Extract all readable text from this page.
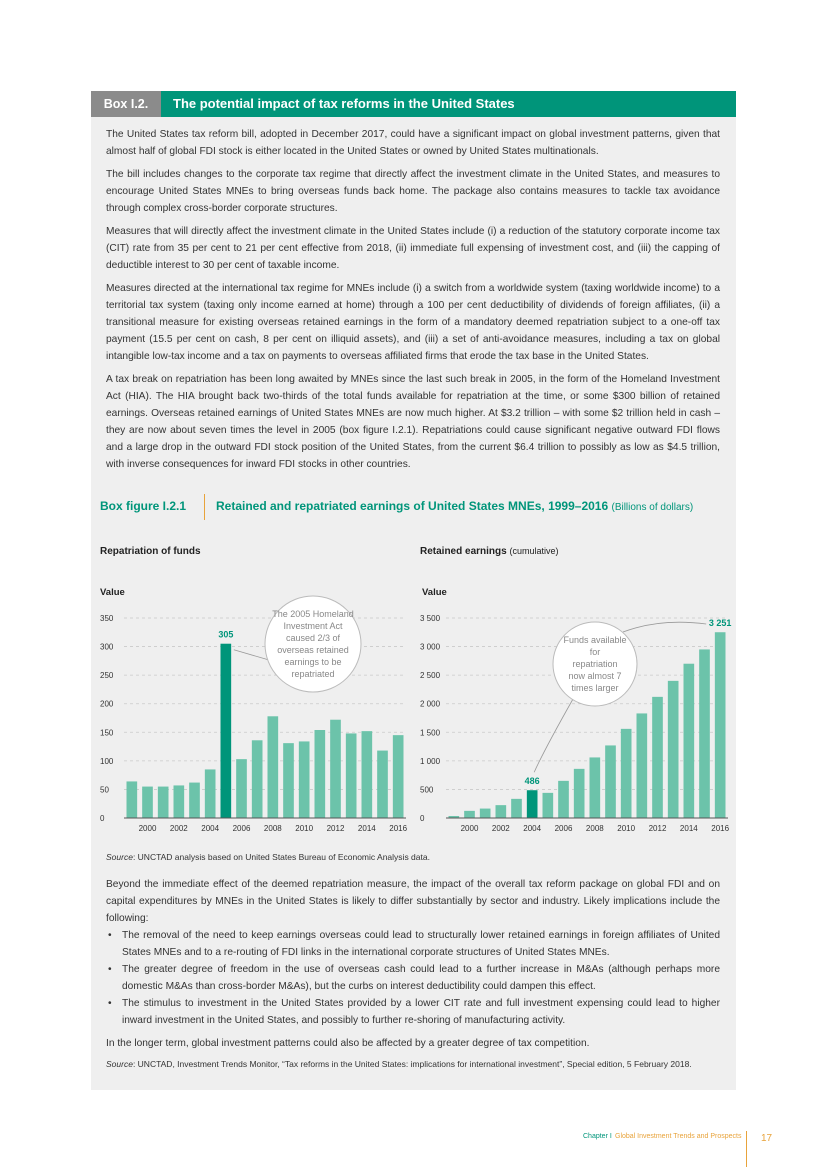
Box I.2.	The potential impact of tax reforms in the United States

The United States tax reform bill, adopted in December 2017, could have a significant impact on global investment patterns, given that almost half of global FDI stock is either located in the United States or owned by United States multinationals.

The bill includes changes to the corporate tax regime that directly affect the investment climate in the United States, and measures to encourage United States MNEs to bring overseas funds back home. The package also contains measures to tackle tax avoidance through complex cross-border corporate structures.

Measures that will directly affect the investment climate in the United States include (i) a reduction of the statutory corporate income tax (CIT) rate from 35 per cent to 21 per cent effective from 2018, (ii) immediate full expensing of investment cost, and (iii) the capping of deductible interest to 30 per cent of taxable income.

Measures directed at the international tax regime for MNEs include (i) a switch from a worldwide system (taxing worldwide income) to a territorial tax system (taxing only income earned at home) through a 100 per cent deductibility of dividends of foreign affiliates, (ii) a transitional measure for existing overseas retained earnings in the form of a mandatory deemed repatriation subject to a one-off tax payment (15.5 per cent on cash, 8 per cent on illiquid assets), and (iii) a set of anti-avoidance measures, including a tax on global intangible low-tax income and a tax on payments to overseas affiliated firms that erode the tax base in the United States.

A tax break on repatriation has been long awaited by MNEs since the last such break in 2005, in the form of the Homeland Investment Act (HIA). The HIA brought back two-thirds of the total funds available for repatriation at the time, or some $300 billion of retained earnings. Overseas retained earnings of United States MNEs are now much higher. At $3.2 trillion – with some $2 trillion held in cash – they are now about seven times the level in 2005 (box figure I.2.1). Repatriations could cause significant negative outward FDI flows and a large drop in the outward FDI stock position of the United States, from the current $6.4 trillion to possibly as low as $4.5 trillion, with inverse consequences for inward FDI stocks in other countries.

Box figure I.2.1 Retained and repatriated earnings of United States MNEs, 1999–2016 (Billions of dollars)
Repatriation of funds	Retained earnings (cumulative)
Value
0
50
100
150
200
250
300
350
2000 2002 2004 2006 2008 2010 2012 2014 2016
305
The 2005 Homeland Investment Act caused 2/3 of overseas retained earnings to be repatriated
Value
0
500
1 000
1 500
2 000
2 500
3 000
3 500
2000 2002 2004 2006 2008 2010 2012 2014 2016
486
3 251
Funds available for repatriation now almost 7 times larger
Source: UNCTAD analysis based on United States Bureau of Economic Analysis data.

Beyond the immediate effect of the deemed repatriation measure, the impact of the overall tax reform package on global FDI and on capital expenditures by MNEs in the United States is likely to differ substantially by sector and industry. Likely implications include the following:

• The removal of the need to keep earnings overseas could lead to structurally lower retained earnings in foreign affiliates of United States MNEs and to a re-routing of FDI links in the international corporate structures of United States MNEs.
• The greater degree of freedom in the use of overseas cash could lead to a further increase in M&As (although perhaps more domestic M&As than cross-border M&As), but the curbs on interest deductibility could dampen this effect.
• The stimulus to investment in the United States provided by a lower CIT rate and full investment expensing could lead to higher inward investment in the United States, and possibly to further re-shoring of manufacturing activity.

In the longer term, global investment patterns could also be affected by a greater degree of tax competition.

Source: UNCTAD, Investment Trends Monitor, “Tax reforms in the United States: implications for international investment”, Special edition, 5 February 2018.
Chapter I Global Investment Trends and Prospects 17
